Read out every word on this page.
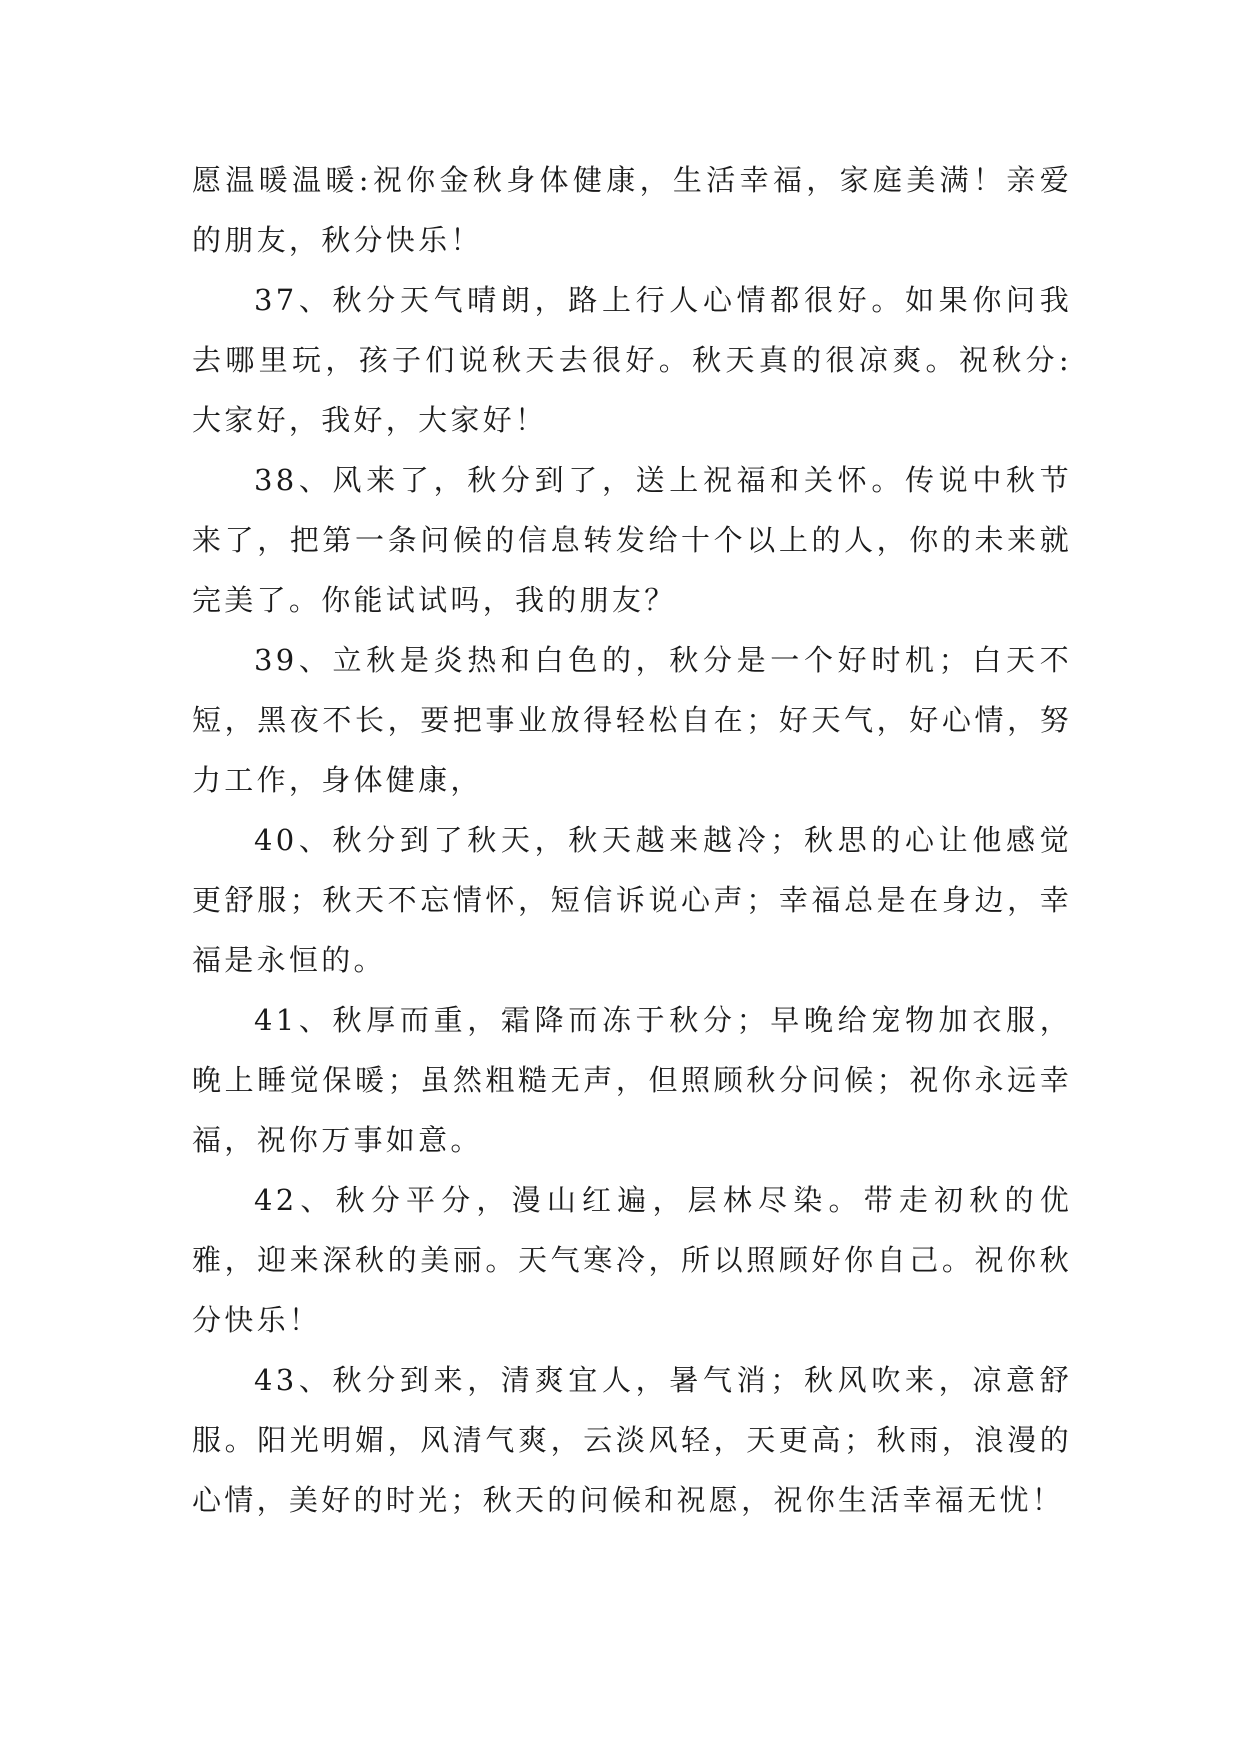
愿温暖温暖:祝你金秋身体健康，生活幸福，家庭美满！亲爱的朋友，秋分快乐！

37、秋分天气晴朗，路上行人心情都很好。如果你问我去哪里玩，孩子们说秋天去很好。秋天真的很凉爽。祝秋分:大家好，我好，大家好！

38、风来了，秋分到了，送上祝福和关怀。传说中秋节来了，把第一条问候的信息转发给十个以上的人，你的未来就完美了。你能试试吗，我的朋友？

39、立秋是炎热和白色的，秋分是一个好时机；白天不短，黑夜不长，要把事业放得轻松自在；好天气，好心情，努力工作，身体健康，

40、秋分到了秋天，秋天越来越冷；秋思的心让他感觉更舒服；秋天不忘情怀，短信诉说心声；幸福总是在身边，幸福是永恒的。

41、秋厚而重，霜降而冻于秋分；早晚给宠物加衣服，晚上睡觉保暖；虽然粗糙无声，但照顾秋分问候；祝你永远幸福，祝你万事如意。

42、秋分平分，漫山红遍，层林尽染。带走初秋的优雅，迎来深秋的美丽。天气寒冷，所以照顾好你自己。祝你秋分快乐！

43、秋分到来，清爽宜人，暑气消；秋风吹来，凉意舒服。阳光明媚，风清气爽，云淡风轻，天更高；秋雨，浪漫的心情，美好的时光；秋天的问候和祝愿，祝你生活幸福无忧！
